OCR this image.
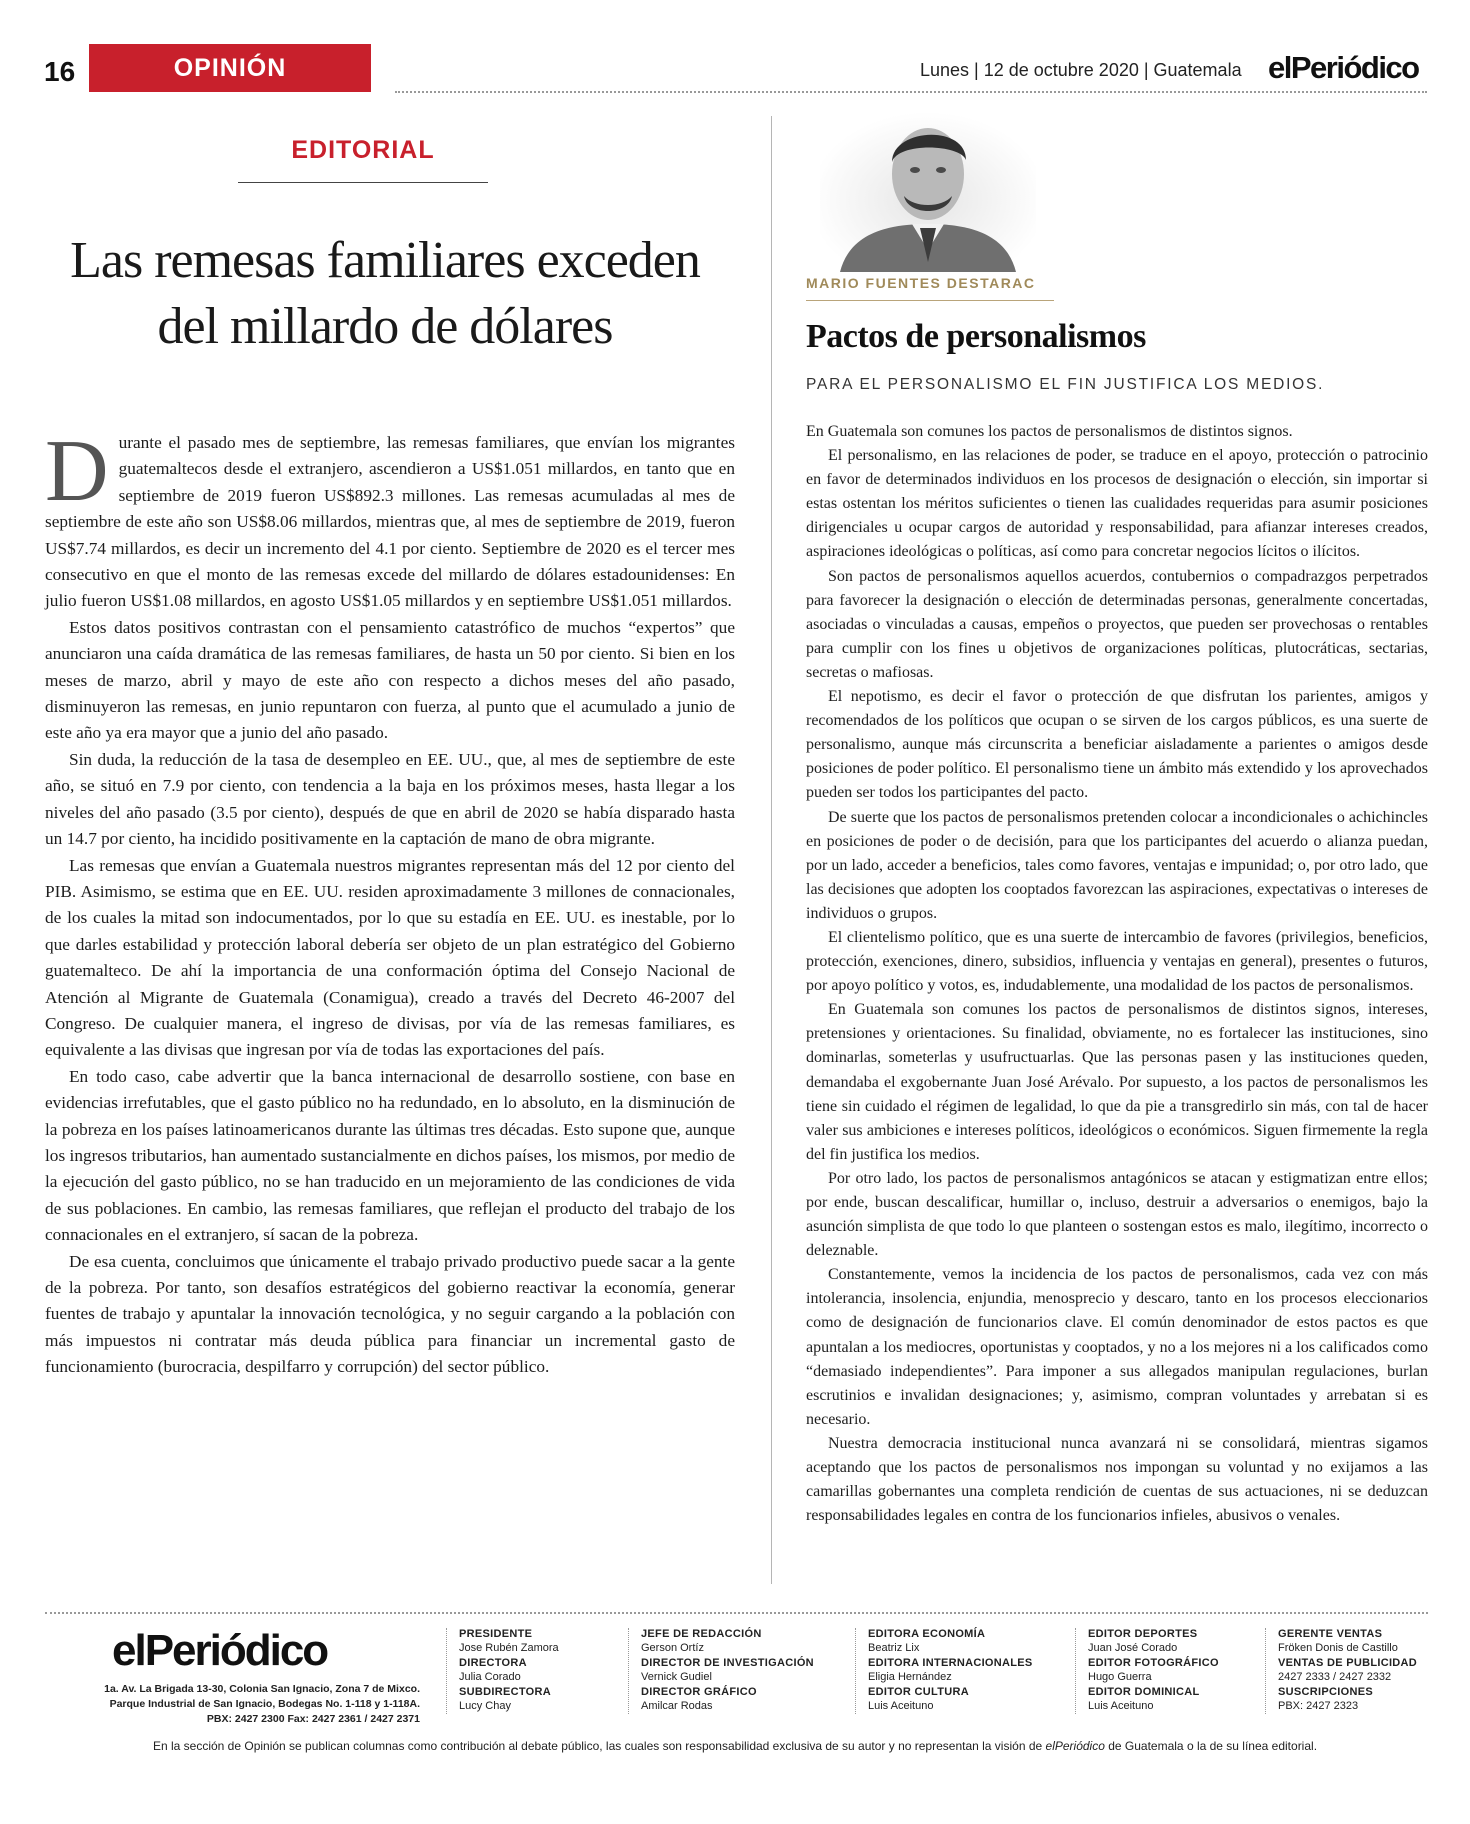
16	OPINIÓN	Lunes | 12 de octubre 2020 | Guatemala elPeriódico
EDITORIAL
Las remesas familiares exceden del millardo de dólares

Durante el pasado mes de septiembre, las remesas familiares, que envían los migrantes guatemaltecos desde el extranjero, ascendieron a US$1.051 millardos, en tanto que en septiembre de 2019 fueron US$892.3 millones. Las remesas acumuladas al mes de septiembre de este año son US$8.06 millardos, mientras que, al mes de septiembre de 2019, fueron US$7.74 millardos, es decir un incremento del 4.1 por ciento. Septiembre de 2020 es el tercer mes consecutivo en que el monto de las remesas excede del millardo de dólares estadounidenses: En julio fueron US$1.08 millardos, en agosto US$1.05 millardos y en septiembre US$1.051 millardos.

Estos datos positivos contrastan con el pensamiento catastrófico de muchos “expertos” que anunciaron una caída dramática de las remesas familiares, de hasta un 50 por ciento. Si bien en los meses de marzo, abril y mayo de este año con respecto a dichos meses del año pasado, disminuyeron las remesas, en junio repuntaron con fuerza, al punto que el acumulado a junio de este año ya era mayor que a junio del año pasado.

Sin duda, la reducción de la tasa de desempleo en EE. UU., que, al mes de septiembre de este año, se situó en 7.9 por ciento, con tendencia a la baja en los próximos meses, hasta llegar a los niveles del año pasado (3.5 por ciento), después de que en abril de 2020 se había disparado hasta un 14.7 por ciento, ha incidido positivamente en la captación de mano de obra migrante.

Las remesas que envían a Guatemala nuestros migrantes representan más del 12 por ciento del PIB. Asimismo, se estima que en EE. UU. residen aproximadamente 3 millones de connacionales, de los cuales la mitad son indocumentados, por lo que su estadía en EE. UU. es inestable, por lo que darles estabilidad y protección laboral debería ser objeto de un plan estratégico del Gobierno guatemalteco. De ahí la importancia de una conformación óptima del Consejo Nacional de Atención al Migrante de Guatemala (Conamigua), creado a través del Decreto 46-2007 del Congreso. De cualquier manera, el ingreso de divisas, por vía de las remesas familiares, es equivalente a las divisas que ingresan por vía de todas las exportaciones del país.

En todo caso, cabe advertir que la banca internacional de desarrollo sostiene, con base en evidencias irrefutables, que el gasto público no ha redundado, en lo absoluto, en la disminución de la pobreza en los países latinoamericanos durante las últimas tres décadas. Esto supone que, aunque los ingresos tributarios, han aumentado sustancialmente en dichos países, los mismos, por medio de la ejecución del gasto público, no se han traducido en un mejoramiento de las condiciones de vida de sus poblaciones. En cambio, las remesas familiares, que reflejan el producto del trabajo de los connacionales en el extranjero, sí sacan de la pobreza.

De esa cuenta, concluimos que únicamente el trabajo privado productivo puede sacar a la gente de la pobreza. Por tanto, son desafíos estratégicos del gobierno reactivar la economía, generar fuentes de trabajo y apuntalar la innovación tecnológica, y no seguir cargando a la población con más impuestos ni contratar más deuda pública para financiar un incremental gasto de funcionamiento (burocracia, despilfarro y corrupción) del sector público.

MARIO FUENTES DESTARAC
Pactos de personalismos
PARA EL PERSONALISMO EL FIN JUSTIFICA LOS MEDIOS.

En Guatemala son comunes los pactos de personalismos de distintos signos.

El personalismo, en las relaciones de poder, se traduce en el apoyo, protección o patrocinio en favor de determinados individuos en los procesos de designación o elección, sin importar si estas ostentan los méritos suficientes o tienen las cualidades requeridas para asumir posiciones dirigenciales u ocupar cargos de autoridad y responsabilidad, para afianzar intereses creados, aspiraciones ideológicas o políticas, así como para concretar negocios lícitos o ilícitos.

Son pactos de personalismos aquellos acuerdos, contubernios o compadrazgos perpetrados para favorecer la designación o elección de determinadas personas, generalmente concertadas, asociadas o vinculadas a causas, empeños o proyectos, que pueden ser provechosas o rentables para cumplir con los fines u objetivos de organizaciones políticas, plutocráticas, sectarias, secretas o mafiosas.

El nepotismo, es decir el favor o protección de que disfrutan los parientes, amigos y recomendados de los políticos que ocupan o se sirven de los cargos públicos, es una suerte de personalismo, aunque más circunscrita a beneficiar aisladamente a parientes o amigos desde posiciones de poder político. El personalismo tiene un ámbito más extendido y los aprovechados pueden ser todos los participantes del pacto.

De suerte que los pactos de personalismos pretenden colocar a incondicionales o achichincles en posiciones de poder o de decisión, para que los participantes del acuerdo o alianza puedan, por un lado, acceder a beneficios, tales como favores, ventajas e impunidad; o, por otro lado, que las decisiones que adopten los cooptados favorezcan las aspiraciones, expectativas o intereses de individuos o grupos.

El clientelismo político, que es una suerte de intercambio de favores (privilegios, beneficios, protección, exenciones, dinero, subsidios, influencia y ventajas en general), presentes o futuros, por apoyo político y votos, es, indudablemente, una modalidad de los pactos de personalismos.

En Guatemala son comunes los pactos de personalismos de distintos signos, intereses, pretensiones y orientaciones. Su finalidad, obviamente, no es fortalecer las instituciones, sino dominarlas, someterlas y usufructuarlas. Que las personas pasen y las instituciones queden, demandaba el exgobernante Juan José Arévalo. Por supuesto, a los pactos de personalismos les tiene sin cuidado el régimen de legalidad, lo que da pie a transgredirlo sin más, con tal de hacer valer sus ambiciones e intereses políticos, ideológicos o económicos. Siguen firmemente la regla del fin justifica los medios.

Por otro lado, los pactos de personalismos antagónicos se atacan y estigmatizan entre ellos; por ende, buscan descalificar, humillar o, incluso, destruir a adversarios o enemigos, bajo la asunción simplista de que todo lo que planteen o sostengan estos es malo, ilegítimo, incorrecto o deleznable.

Constantemente, vemos la incidencia de los pactos de personalismos, cada vez con más intolerancia, insolencia, enjundia, menosprecio y descaro, tanto en los procesos eleccionarios como de designación de funcionarios clave. El común denominador de estos pactos es que apuntalan a los mediocres, oportunistas y cooptados, y no a los mejores ni a los calificados como “demasiado independientes”. Para imponer a sus allegados manipulan regulaciones, burlan escrutinios e invalidan designaciones; y, asimismo, compran voluntades y arrebatan si es necesario.

Nuestra democracia institucional nunca avanzará ni se consolidará, mientras sigamos aceptando que los pactos de personalismos nos impongan su voluntad y no exijamos a las camarillas gobernantes una completa rendición de cuentas de sus actuaciones, ni se deduzcan responsabilidades legales en contra de los funcionarios infieles, abusivos o venales.

elPeriódico
1a. Av. La Brigada 13-30, Colonia San Ignacio, Zona 7 de Mixco.
Parque Industrial de San Ignacio, Bodegas No. 1-118 y 1-118A.
PBX: 2427 2300 Fax: 2427 2361 / 2427 2371
PRESIDENTE
Jose Rubén Zamora
DIRECTORA
Julia Corado
SUBDIRECTORA
Lucy Chay
JEFE DE REDACCIÓN
Gerson Ortíz
DIRECTOR DE INVESTIGACIÓN
Vernick Gudiel
DIRECTOR GRÁFICO
Amilcar Rodas
EDITORA ECONOMÍA
Beatriz Lix
EDITORA INTERNACIONALES
Eligia Hernández
EDITOR CULTURA
Luis Aceituno
EDITOR DEPORTES
Juan José Corado
EDITOR FOTOGRÁFICO
Hugo Guerra
EDITOR DOMINICAL
Luis Aceituno
GERENTE VENTAS
Fröken Donis de Castillo
VENTAS DE PUBLICIDAD
2427 2333 / 2427 2332
SUSCRIPCIONES
PBX: 2427 2323
En la sección de Opinión se publican columnas como contribución al debate público, las cuales son responsabilidad exclusiva de su autor y no representan la visión de elPeriódico de Guatemala o la de su línea editorial.
